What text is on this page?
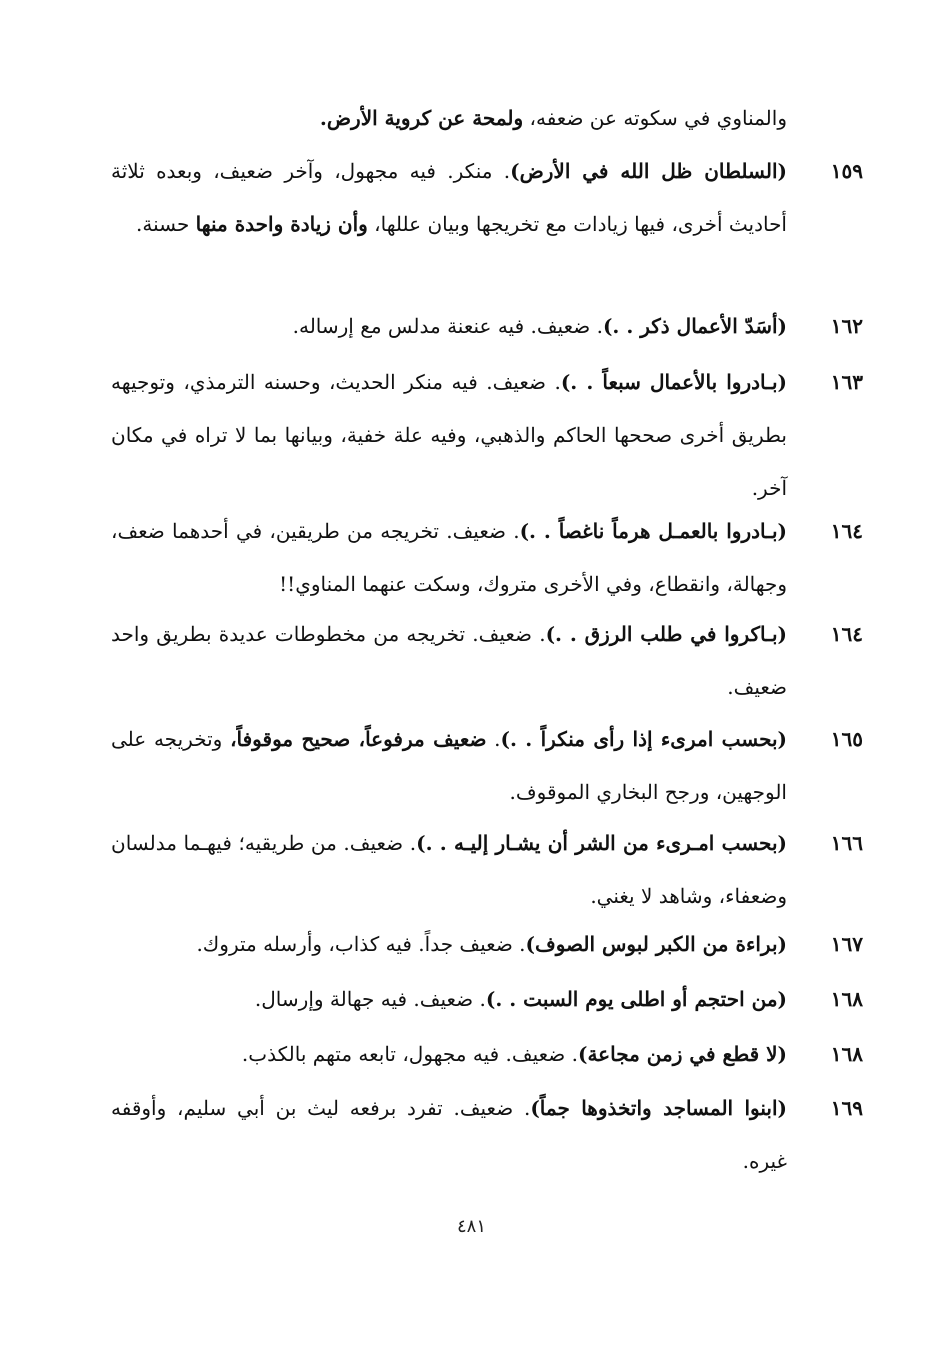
والمناوي في سكوته عن ضعفه، ولمحة عن كروية الأرض.
١٥٩
(السلطان ظل الله في الأرض). منكر. فيه مجهول، وآخر ضعيف، وبعده ثلاثة أحاديث أخرى، فيها زيادات مع تخريجها وبيان عللها، وأن زيادة واحدة منها حسنة.
١٦٢
(أسَدّ الأعمال ذكر . .). ضعيف. فيه عنعنة مدلس مع إرساله.
١٦٣
(بـادروا بالأعمال سبعاً . .). ضعيف. فيه منكر الحديث، وحسنه الترمذي، وتوجيهه بطريق أخرى صححها الحاكم والذهبي، وفيه علة خفية، وبيانها بما لا تراه في مكان آخر.
١٦٤
(بـادروا بالعمـل هرماً ناغصاً . .). ضعيف. تخريجه من طريقين، في أحدهما ضعف، وجهالة، وانقطاع، وفي الأخرى متروك، وسكت عنهما المناوي!!
١٦٤
(بـاكروا في طلب الرزق . .). ضعيف. تخريجه من مخطوطات عديدة بطريق واحد ضعيف.
١٦٥
(بحسب امرىء إذا رأى منكراً . .). ضعيف مرفوعاً، صحيح موقوفاً، وتخريجه على الوجهين، ورجح البخاري الموقوف.
١٦٦
(بحسب امـرىء من الشر أن يشـار إليـه . .). ضعيف. من طريقيه؛ فيهـما مدلسان وضعفاء، وشاهد لا يغني.
١٦٧
(براءة من الكبر لبوس الصوف). ضعيف جداً. فيه كذاب، وأرسله متروك.
١٦٨
(من احتجم أو اطلى يوم السبت . .). ضعيف. فيه جهالة وإرسال.
١٦٨
(لا قطع في زمن مجاعة). ضعيف. فيه مجهول، تابعه متهم بالكذب.
١٦٩
(ابنوا المساجد واتخذوها جماً). ضعيف. تفرد برفعه ليث بن أبي سليم، وأوقفه غيره.
٤٨١
